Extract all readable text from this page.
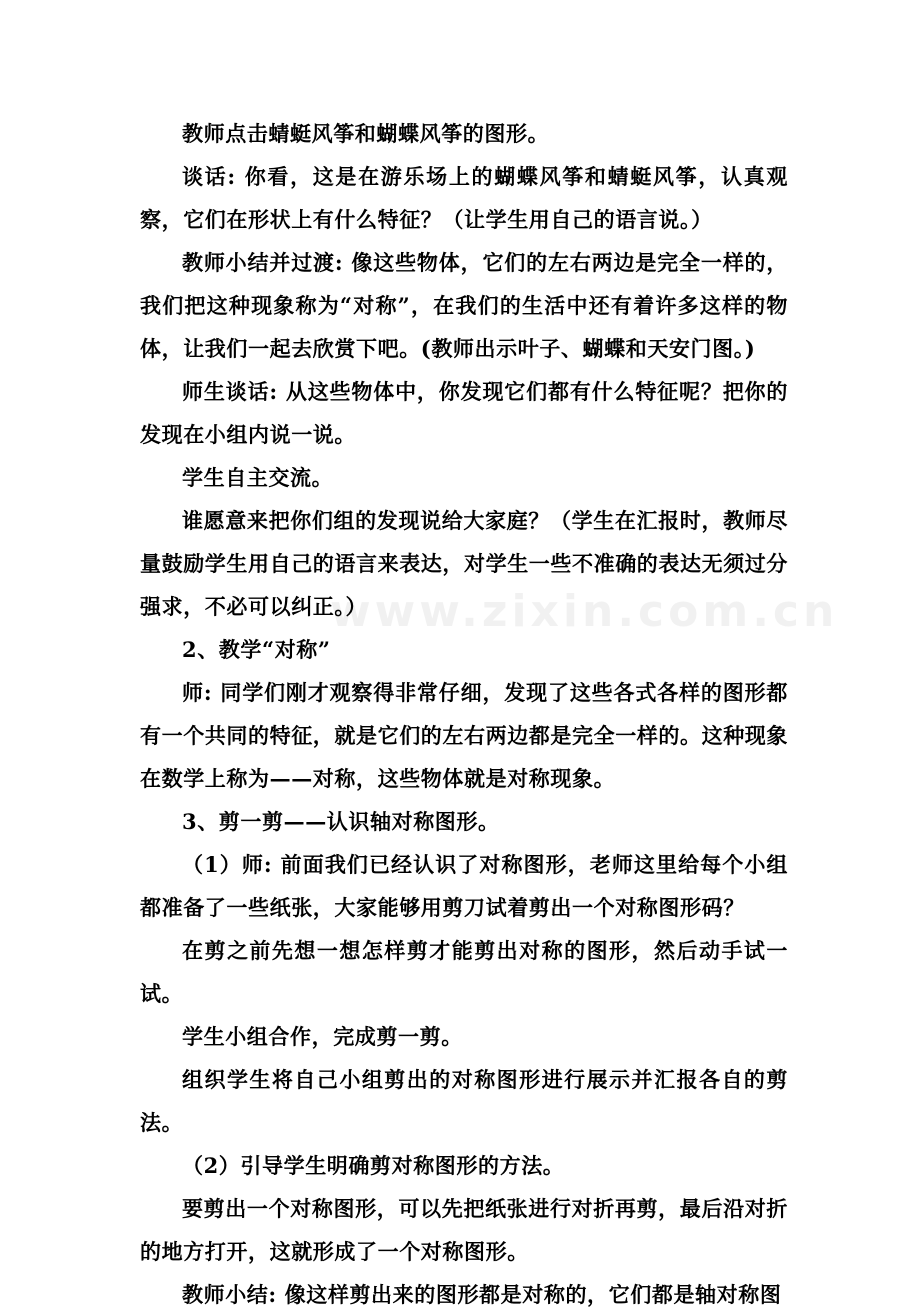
教师点击蜻蜓风筝和蝴蝶风筝的图形。

谈话: 你看，这是在游乐场上的蝴蝶风筝和蜻蜓风筝，认真观察，它们在形状上有什么特征？（让学生用自己的语言说。）

教师小结并过渡: 像这些物体，它们的左右两边是完全一样的，我们把这种现象称为“对称”，在我们的生活中还有着许多这样的物体，让我们一起去欣赏下吧。(教师出示叶子、蝴蝶和天安门图。)

师生谈话: 从这些物体中，你发现它们都有什么特征呢？把你的发现在小组内说一说。

学生自主交流。

谁愿意来把你们组的发现说给大家庭？（学生在汇报时，教师尽量鼓励学生用自己的语言来表达，对学生一些不准确的表达无须过分强求，不必可以纠正。）

2、教学“对称”

师: 同学们刚才观察得非常仔细，发现了这些各式各样的图形都有一个共同的特征，就是它们的左右两边都是完全一样的。这种现象在数学上称为——对称，这些物体就是对称现象。

3、剪一剪——认识轴对称图形。

（1）师: 前面我们已经认识了对称图形，老师这里给每个小组都准备了一些纸张，大家能够用剪刀试着剪出一个对称图形码？

在剪之前先想一想怎样剪才能剪出对称的图形，然后动手试一试。

学生小组合作，完成剪一剪。

组织学生将自己小组剪出的对称图形进行展示并汇报各自的剪法。

（2）引导学生明确剪对称图形的方法。

要剪出一个对称图形，可以先把纸张进行对折再剪，最后沿对折的地方打开，这就形成了一个对称图形。

教师小结: 像这样剪出来的图形都是对称的，它们都是轴对称图

www.zixin.com.cn
